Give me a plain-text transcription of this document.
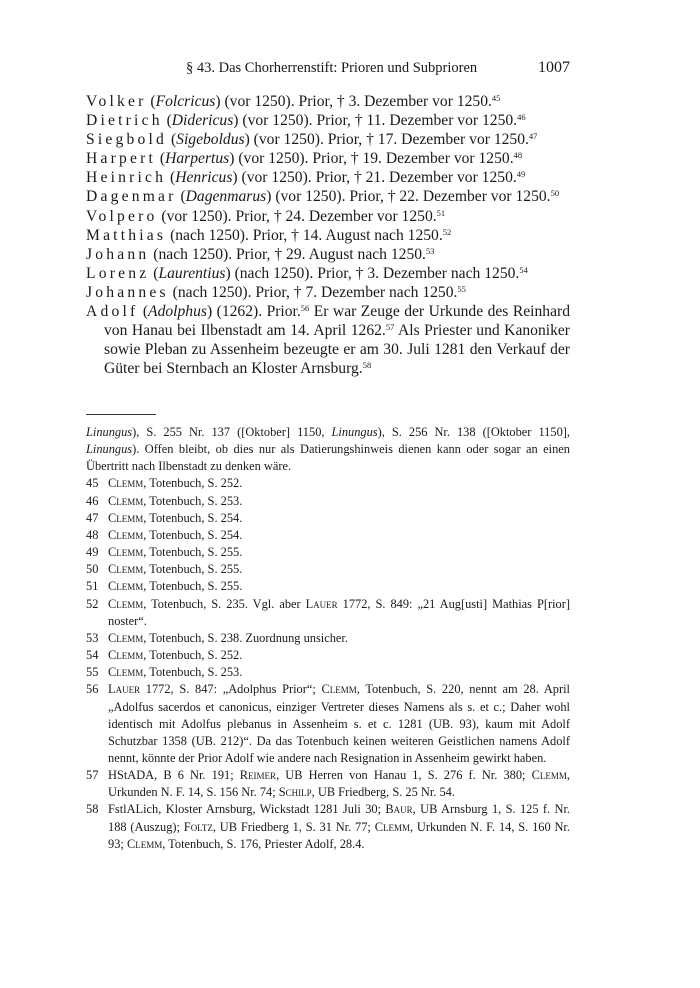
§ 43. Das Chorherrenstift: Prioren und Subprioren	1007

Volker (Folcricus) (vor 1250). Prior, † 3. Dezember vor 1250.45

Dietrich (Didericus) (vor 1250). Prior, † 11. Dezember vor 1250.46

Siegbold (Sigeboldus) (vor 1250). Prior, † 17. Dezember vor 1250.47

Harpert (Harpertus) (vor 1250). Prior, † 19. Dezember vor 1250.48

Heinrich (Henricus) (vor 1250). Prior, † 21. Dezember vor 1250.49

Dagenmar (Dagenmarus) (vor 1250). Prior, † 22. Dezember vor 1250.50

Volpero (vor 1250). Prior, † 24. Dezember vor 1250.51

Matthias (nach 1250). Prior, † 14. August nach 1250.52

Johann (nach 1250). Prior, † 29. August nach 1250.53

Lorenz (Laurentius) (nach 1250). Prior, † 3. Dezember nach 1250.54

Johannes (nach 1250). Prior, † 7. Dezember nach 1250.55

Adolf (Adolphus) (1262). Prior.$^{56}$ Er war Zeuge der Urkunde des Reinhard von Hanau bei Ilbenstadt am 14. April 1262.57 Als Priester und Kanoniker sowie Pleban zu Assenheim bezeugte er am 30. Juli 1281 den Verkauf der Güter bei Sternbach an Kloster Arnsburg.$^{58}$

Linungus), S. 255 Nr. 137 ([Oktober] 1150, Linungus), S. 256 Nr. 138 ([Oktober 1150], Linungus). Offen bleibt, ob dies nur als Datierungshinweis dienen kann oder sogar an einen Übertritt nach Ilbenstadt zu denken wäre.

45 Clemm, Totenbuch, S. 252.
46 Clemm, Totenbuch, S. 253.
47 Clemm, Totenbuch, S. 254.
48 Clemm, Totenbuch, S. 254.
49 Clemm, Totenbuch, S. 255.
50 Clemm, Totenbuch, S. 255.
51 Clemm, Totenbuch, S. 255.
52 Clemm, Totenbuch, S. 235. Vgl. aber Lauer 1772, S. 849: „21 Aug[usti] Mathias P[rior] noster“.
53 Clemm, Totenbuch, S. 238. Zuordnung unsicher.
54 Clemm, Totenbuch, S. 252.
55 Clemm, Totenbuch, S. 253.
56 Lauer 1772, S. 847: „Adolphus Prior“; Clemm, Totenbuch, S. 220, nennt am 28. April „Adolfus sacerdos et canonicus, einziger Vertreter dieses Namens als s. et c.; Daher wohl identisch mit Adolfus plebanus in Assenheim s. et c. 1281 (UB. 93), kaum mit Adolf Schutzbar 1358 (UB. 212)“. Da das Totenbuch keinen weiteren Geistlichen namens Adolf nennt, könnte der Prior Adolf wie andere nach Resignation in Assenheim gewirkt haben.
57 HStADA, B 6 Nr. 191; Reimer, UB Herren von Hanau 1, S. 276 f. Nr. 380; Clemm, Urkunden N. F. 14, S. 156 Nr. 74; Schilp, UB Friedberg, S. 25 Nr. 54.
58 FstlALich, Kloster Arnsburg, Wickstadt 1281 Juli 30; Baur, UB Arnsburg 1, S. 125 f. Nr. 188 (Auszug); Foltz, UB Friedberg 1, S. 31 Nr. 77; Clemm, Urkunden N. F. 14, S. 160 Nr. 93; Clemm, Totenbuch, S. 176, Priester Adolf, 28.4.
